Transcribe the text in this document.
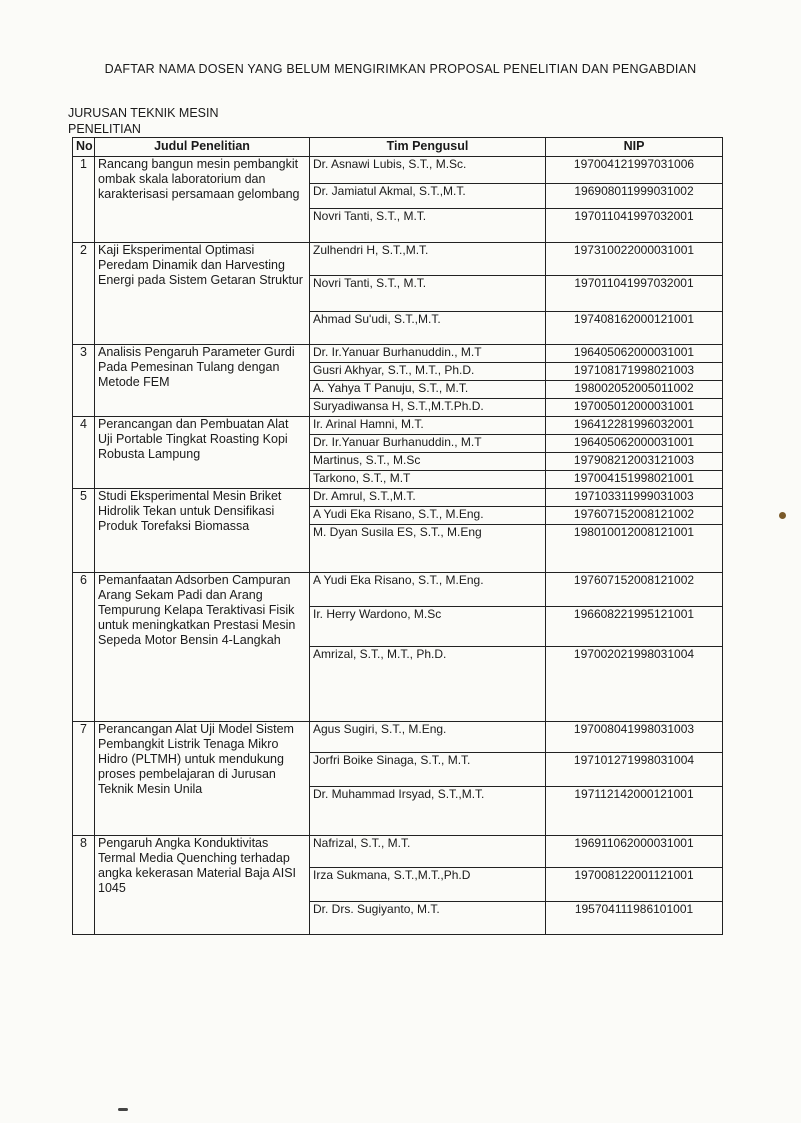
DAFTAR NAMA DOSEN YANG BELUM MENGIRIMKAN PROPOSAL PENELITIAN DAN PENGABDIAN
JURUSAN TEKNIK MESIN
PENELITIAN
No	Judul Penelitian	Tim Pengusul	NIP
1	Rancang bangun mesin pembangkit ombak skala laboratorium dan karakterisasi persamaan gelombang	Dr. Asnawi Lubis, S.T., M.Sc.	197004121997031006
		Dr. Jamiatul Akmal, S.T.,M.T.	196908011999031002
		Novri Tanti, S.T., M.T.	197011041997032001
2	Kaji Eksperimental Optimasi Peredam Dinamik dan Harvesting Energi pada Sistem Getaran Struktur	Zulhendri H, S.T.,M.T.	197310022000031001
		Novri Tanti, S.T., M.T.	197011041997032001
		Ahmad Su'udi, S.T.,M.T.	197408162000121001
3	Analisis Pengaruh Parameter Gurdi Pada Pemesinan Tulang dengan Metode FEM	Dr. Ir.Yanuar Burhanuddin., M.T	196405062000031001
		Gusri Akhyar, S.T., M.T., Ph.D.	197108171998021003
		A. Yahya T Panuju, S.T., M.T.	198002052005011002
		Suryadiwansa H, S.T.,M.T.Ph.D.	197005012000031001
4	Perancangan dan Pembuatan Alat Uji Portable Tingkat Roasting Kopi Robusta Lampung	Ir. Arinal Hamni, M.T.	196412281996032001
		Dr. Ir.Yanuar Burhanuddin., M.T	196405062000031001
		Martinus, S.T., M.Sc	197908212003121003
		Tarkono, S.T., M.T	197004151998021001
5	Studi Eksperimental Mesin Briket Hidrolik Tekan untuk Densifikasi Produk Torefaksi Biomassa	Dr. Amrul, S.T.,M.T.	197103311999031003
		A Yudi Eka Risano, S.T., M.Eng.	197607152008121002
		M. Dyan Susila ES, S.T., M.Eng	198010012008121001
6	Pemanfaatan Adsorben Campuran Arang Sekam Padi dan Arang Tempurung Kelapa Teraktivasi Fisik untuk meningkatkan Prestasi Mesin Sepeda Motor Bensin 4-Langkah	A Yudi Eka Risano, S.T., M.Eng.	197607152008121002
		Ir. Herry Wardono, M.Sc	196608221995121001
		Amrizal, S.T., M.T., Ph.D.	197002021998031004
7	Perancangan Alat Uji Model Sistem Pembangkit Listrik Tenaga Mikro Hidro (PLTMH) untuk mendukung proses pembelajaran di Jurusan Teknik Mesin Unila	Agus Sugiri, S.T., M.Eng.	197008041998031003
		Jorfri Boike Sinaga, S.T., M.T.	197101271998031004
		Dr. Muhammad Irsyad, S.T.,M.T.	197112142000121001
8	Pengaruh Angka Konduktivitas Termal Media Quenching terhadap angka kekerasan Material Baja AISI 1045	Nafrizal, S.T., M.T.	196911062000031001
		Irza Sukmana, S.T.,M.T.,Ph.D	197008122001121001
		Dr. Drs. Sugiyanto, M.T.	195704111986101001
